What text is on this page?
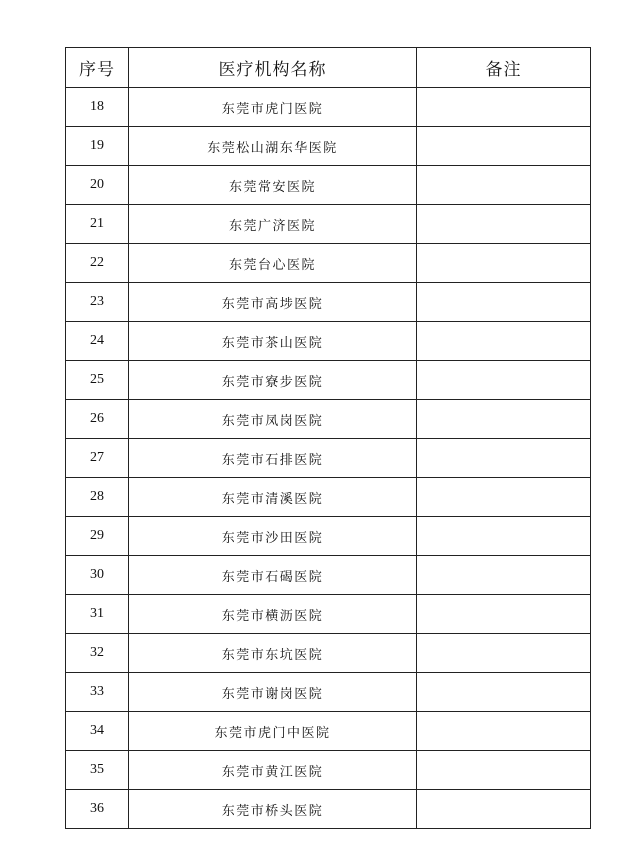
序号	医疗机构名称	备注
18	东莞市虎门医院	
19	东莞松山湖东华医院	
20	东莞常安医院	
21	东莞广济医院	
22	东莞台心医院	
23	东莞市高埗医院	
24	东莞市茶山医院	
25	东莞市寮步医院	
26	东莞市凤岗医院	
27	东莞市石排医院	
28	东莞市清溪医院	
29	东莞市沙田医院	
30	东莞市石碣医院	
31	东莞市横沥医院	
32	东莞市东坑医院	
33	东莞市谢岗医院	
34	东莞市虎门中医院	
35	东莞市黄江医院	
36	东莞市桥头医院	
